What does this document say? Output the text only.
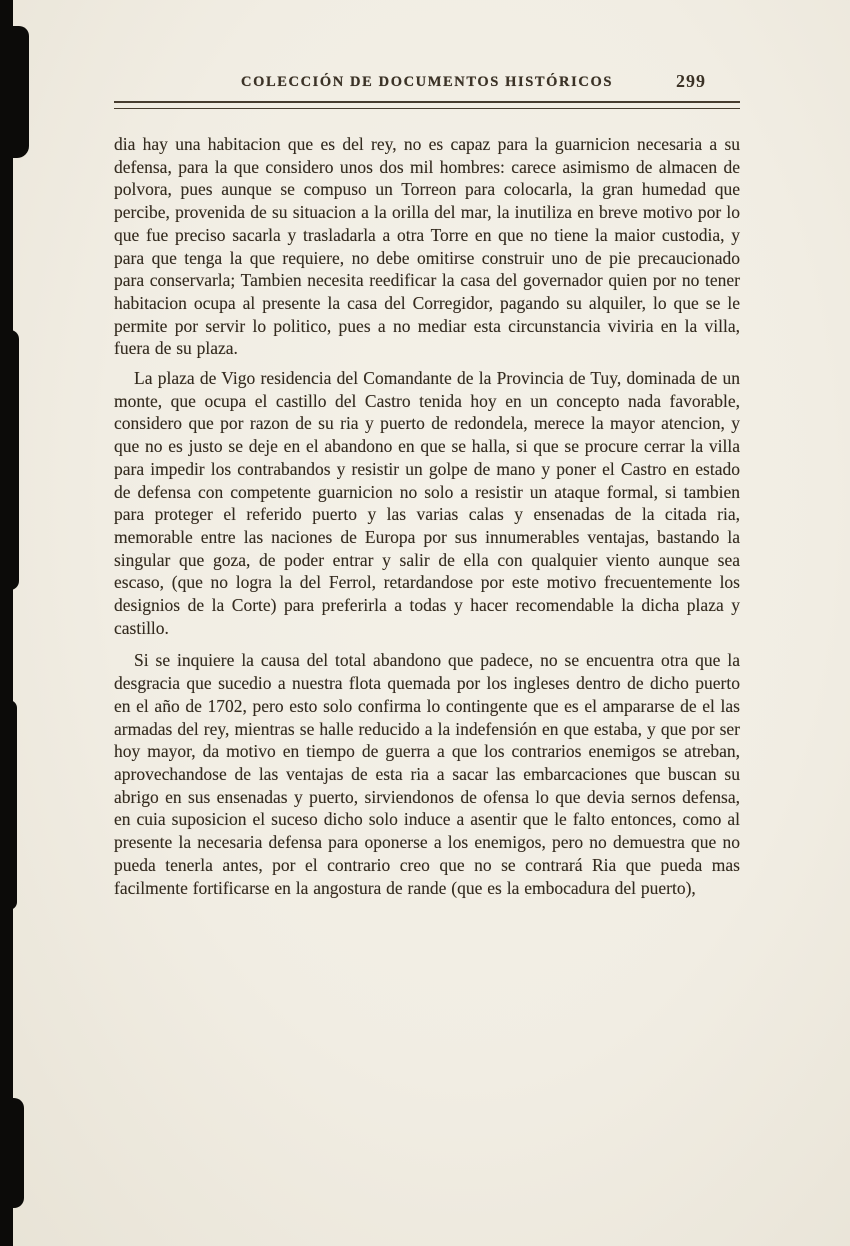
COLECCIÓN DE DOCUMENTOS HISTÓRICOS	299

dia hay una habitacion que es del rey, no es capaz para la guarnicion necesaria a su defensa, para la que considero unos dos mil hombres: carece asimismo de almacen de polvora, pues aunque se compuso un Torreon para colocarla, la gran humedad que percibe, provenida de su situacion a la orilla del mar, la inutiliza en breve motivo por lo que fue preciso sacarla y trasladarla a otra Torre en que no tiene la maior custodia, y para que tenga la que requiere, no debe omitirse construir uno de pie precaucionado para conservarla; Tambien necesita reedificar la casa del governador quien por no tener habitacion ocupa al presente la casa del Corregidor, pagando su alquiler, lo que se le permite por servir lo politico, pues a no mediar esta circunstancia viviria en la villa, fuera de su plaza.

La plaza de Vigo residencia del Comandante de la Provincia de Tuy, dominada de un monte, que ocupa el castillo del Castro tenida hoy en un concepto nada favorable, considero que por razon de su ria y puerto de redondela, merece la mayor atencion, y que no es justo se deje en el abandono en que se halla, si que se procure cerrar la villa para impedir los contrabandos y resistir un golpe de mano y poner el Castro en estado de defensa con competente guarnicion no solo a resistir un ataque formal, si tambien para proteger el referido puerto y las varias calas y ensenadas de la citada ria, memorable entre las naciones de Europa por sus innumerables ventajas, bastando la singular que goza, de poder entrar y salir de ella con qualquier viento aunque sea escaso, (que no logra la del Ferrol, retardandose por este motivo frecuentemente los designios de la Corte) para preferirla a todas y hacer recomendable la dicha plaza y castillo.

Si se inquiere la causa del total abandono que padece, no se encuentra otra que la desgracia que sucedio a nuestra flota quemada por los ingleses dentro de dicho puerto en el año de 1702, pero esto solo confirma lo contingente que es el ampararse de el las armadas del rey, mientras se halle reducido a la indefensión en que estaba, y que por ser hoy mayor, da motivo en tiempo de guerra a que los contrarios enemigos se atreban, aprovechandose de las ventajas de esta ria a sacar las embarcaciones que buscan su abrigo en sus ensenadas y puerto, sirviendonos de ofensa lo que devia sernos defensa, en cuia suposicion el suceso dicho solo induce a asentir que le falto entonces, como al presente la necesaria defensa para oponerse a los enemigos, pero no demuestra que no pueda tenerla antes, por el contrario creo que no se contrará Ria que pueda mas facilmente fortificarse en la angostura de rande (que es la embocadura del puerto),
